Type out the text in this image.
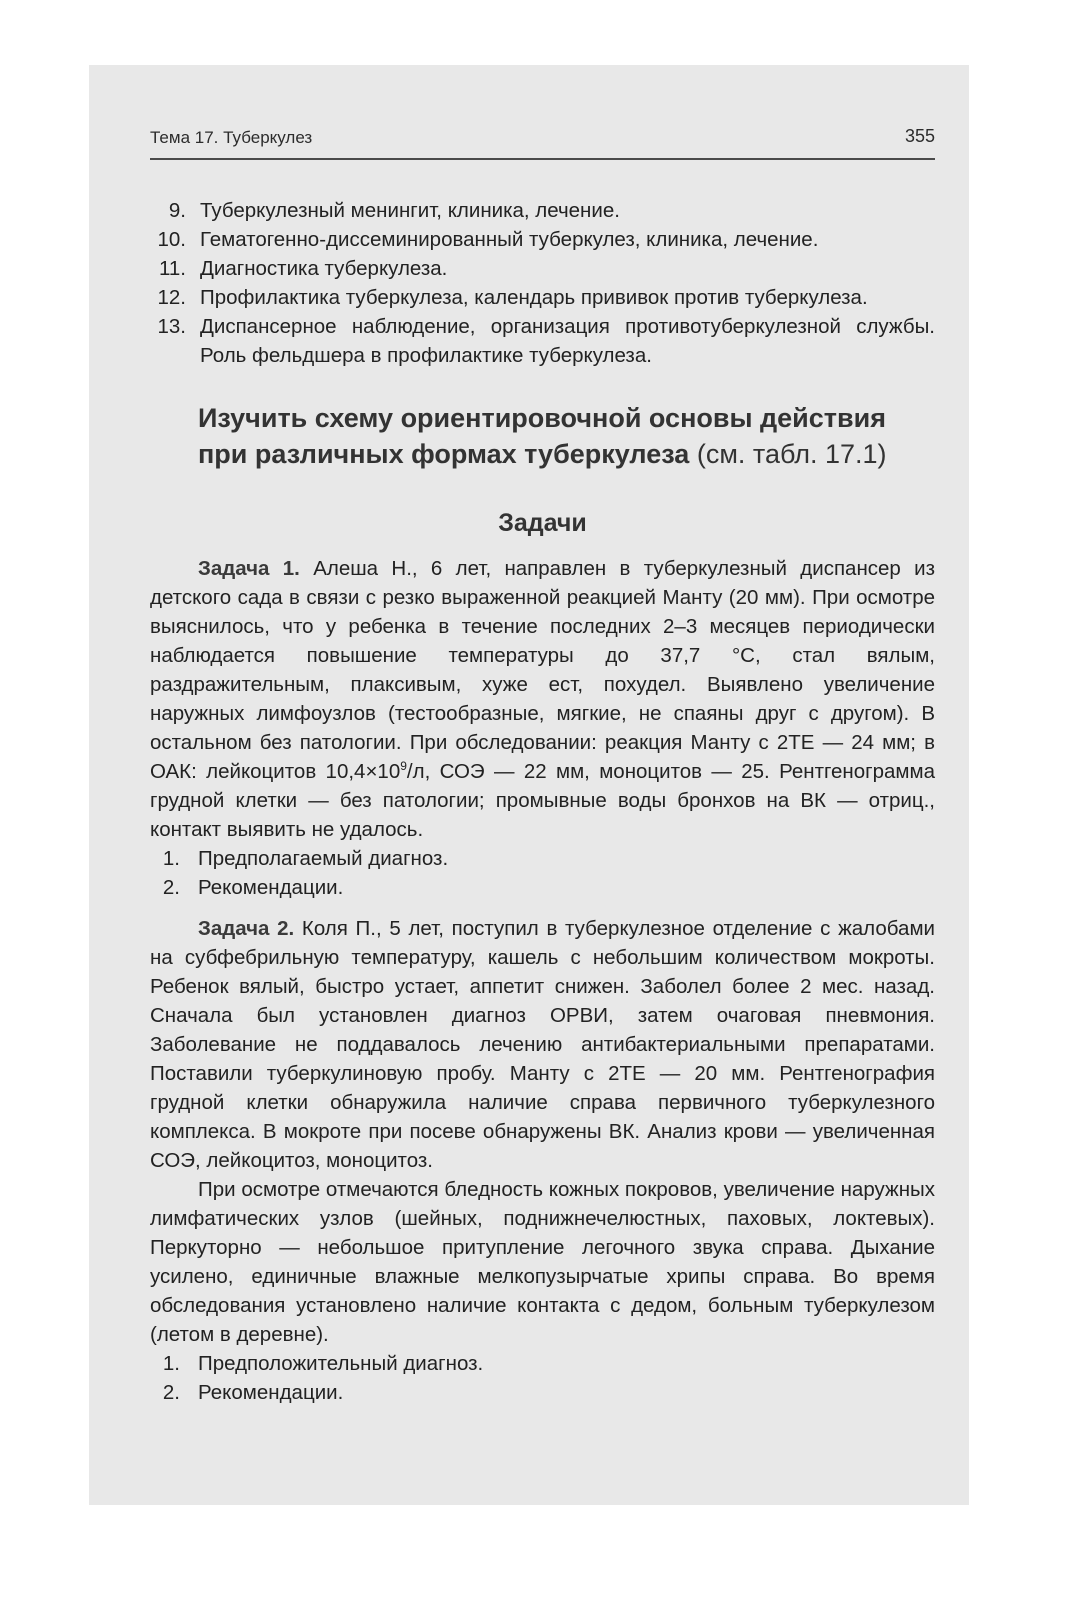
Тема 17. Туберкулез	355
9. Туберкулезный менингит, клиника, лечение.
10. Гематогенно-диссеминированный туберкулез, клиника, лечение.
11. Диагностика туберкулеза.
12. Профилактика туберкулеза, календарь прививок против туберкулеза.
13. Диспансерное наблюдение, организация противотуберкулезной службы. Роль фельдшера в профилактике туберкулеза.
Изучить схему ориентировочной основы действия при различных формах туберкулеза (см. табл. 17.1)
Задачи

Задача 1. Алеша Н., 6 лет, направлен в туберкулезный диспансер из детского сада в связи с резко выраженной реакцией Манту (20 мм). При осмотре выяснилось, что у ребенка в течение последних 2–3 месяцев периодически наблюдается повышение температуры до 37,7 °С, стал вялым, раздражительным, плаксивым, хуже ест, похудел. Выявлено увеличение наружных лимфоузлов (тестообразные, мягкие, не спаяны друг с другом). В остальном без патологии. При обследовании: реакция Манту с 2ТЕ — 24 мм; в ОАК: лейкоцитов $10,4\times 10^9/л$, СОЭ — 22 мм, моноцитов — 25. Рентгенограмма грудной клетки — без патологии; промывные воды бронхов на ВК — отриц., контакт выявить не удалось.

1. Предполагаемый диагноз.
2. Рекомендации.

Задача 2. Коля П., 5 лет, поступил в туберкулезное отделение с жалобами на субфебрильную температуру, кашель с небольшим количеством мокроты. Ребенок вялый, быстро устает, аппетит снижен. Заболел более 2 мес. назад. Сначала был установлен диагноз ОРВИ, затем очаговая пневмония. Заболевание не поддавалось лечению антибактериальными препаратами. Поставили туберкулиновую пробу. Манту с 2ТЕ — 20 мм. Рентгенография грудной клетки обнаружила наличие справа первичного туберкулезного комплекса. В мокроте при посеве обнаружены ВК. Анализ крови — увеличенная СОЭ, лейкоцитоз, моноцитоз.

При осмотре отмечаются бледность кожных покровов, увеличение наружных лимфатических узлов (шейных, поднижнечелюстных, паховых, локтевых). Перкуторно — небольшое притупление легочного звука справа. Дыхание усилено, единичные влажные мелкопузырчатые хрипы справа. Во время обследования установлено наличие контакта с дедом, больным туберкулезом (летом в деревне).

1. Предположительный диагноз.
2. Рекомендации.
